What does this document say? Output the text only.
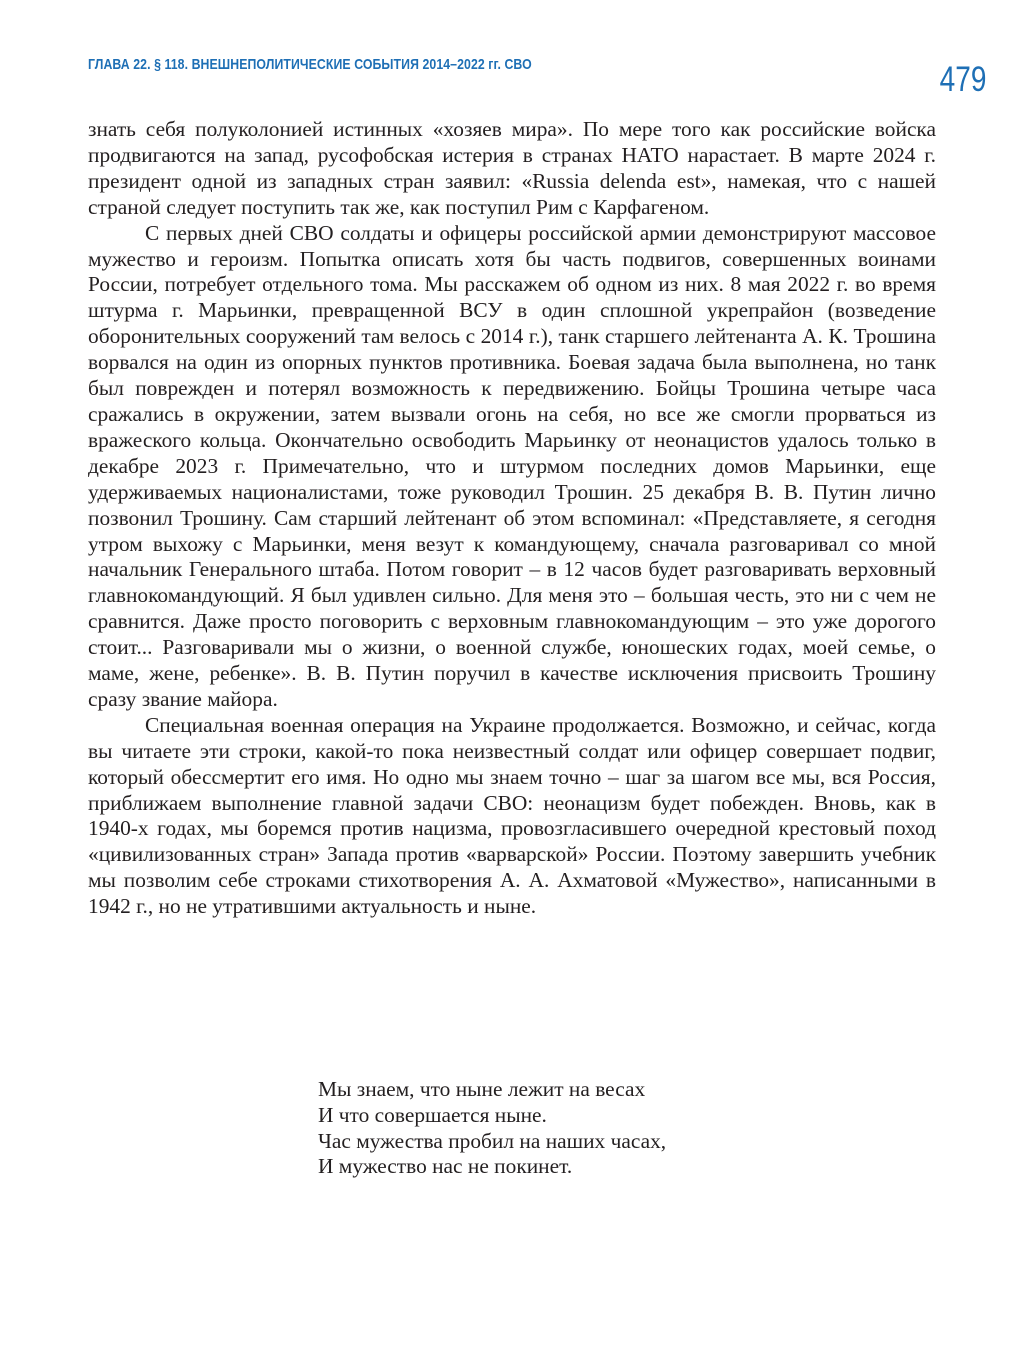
ГЛАВА 22. § 118. ВНЕШНЕПОЛИТИЧЕСКИЕ СОБЫТИЯ 2014–2022 гг. СВО	479

знать себя полуколонией истинных «хозяев мира». По мере того как российские войска продвигаются на запад, русофобская истерия в странах НАТО нарастает. В марте 2024 г. президент одной из западных стран заявил: «Russia delenda est», намекая, что с нашей страной следует поступить так же, как поступил Рим с Карфагеном.

С первых дней СВО солдаты и офицеры российской армии демонстрируют массовое мужество и героизм. Попытка описать хотя бы часть подвигов, совершенных воинами России, потребует отдельного тома. Мы расскажем об одном из них. 8 мая 2022 г. во время штурма г. Марьинки, превращенной ВСУ в один сплошной укрепрайон (возведение оборонительных сооружений там велось с 2014 г.), танк старшего лейтенанта А. К. Трошина ворвался на один из опорных пунктов противника. Боевая задача была выполнена, но танк был поврежден и потерял возможность к передвижению. Бойцы Трошина четыре часа сражались в окружении, затем вызвали огонь на себя, но все же смогли прорваться из вражеского кольца. Окончательно освободить Марьинку от неонацистов удалось только в декабре 2023 г. Примечательно, что и штурмом последних домов Марьинки, еще удерживаемых националистами, тоже руководил Трошин. 25 декабря В. В. Путин лично позвонил Трошину. Сам старший лейтенант об этом вспоминал: «Представляете, я сегодня утром выхожу с Марьинки, меня везут к командующему, сначала разговаривал со мной начальник Генерального штаба. Потом говорит – в 12 часов будет разговаривать верховный главнокомандующий. Я был удивлен сильно. Для меня это – большая честь, это ни с чем не сравнится. Даже просто поговорить с верховным главнокомандующим – это уже дорогого стоит... Разговаривали мы о жизни, о военной службе, юношеских годах, моей семье, о маме, жене, ребенке». В. В. Путин поручил в качестве исключения присвоить Трошину сразу звание майора.

Специальная военная операция на Украине продолжается. Возможно, и сейчас, когда вы читаете эти строки, какой-то пока неизвестный солдат или офицер совершает подвиг, который обессмертит его имя. Но одно мы знаем точно – шаг за шагом все мы, вся Россия, приближаем выполнение главной задачи СВО: неонацизм будет побежден. Вновь, как в 1940-х годах, мы боремся против нацизма, провозгласившего очередной крестовый поход «цивилизованных стран» Запада против «варварской» России. Поэтому завершить учебник мы позволим себе строками стихотворения А. А. Ахматовой «Мужество», написанными в 1942 г., но не утратившими актуальность и ныне.

Мы знаем, что ныне лежит на весах
И что совершается ныне.
Час мужества пробил на наших часах,
И мужество нас не покинет.
